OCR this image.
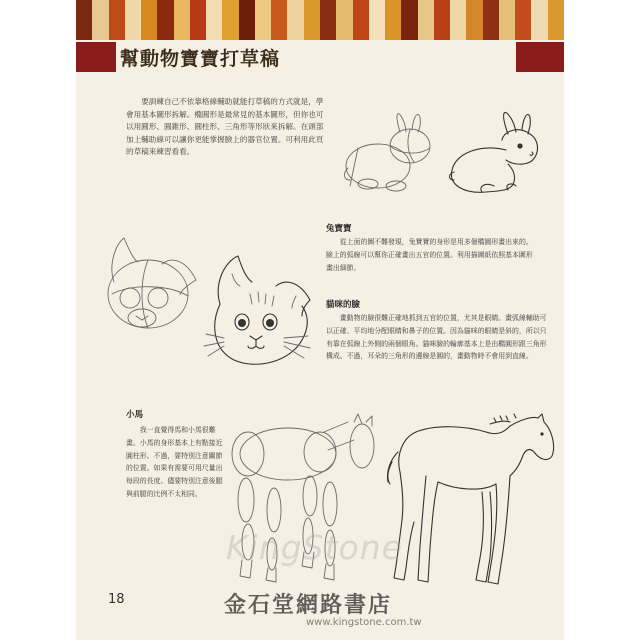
幫動物寶寶打草稿
要訓練自己不依靠格線輔助就能打草稿的方式就是，學會用基本圖形拆解。橢圓形是最常見的基本圖形，但你也可以用圓形、圓錐形、圓柱形、三角形等形狀來拆解。在頭部加上輔助線可以讓你更能掌握臉上的器官位置。可利用此頁的草稿來練習看看。
兔寶寶
從上面的圖不難發現，兔寶寶的身形是用多個橢圓形畫出來的。臉上的弧線可以幫你正確畫出五官的位置。利用描圖紙依照基本圖形畫出細節。
貓咪的臉
畫動物的臉很難正確地抓到五官的位置，尤其是眼睛。畫弧線輔助可以正確、平均地分配眼睛和鼻子的位置。因為貓咪的眼睛是斜的，所以只有靠在弧線上外側的兩個眼角。貓咪臉的輪廓基本上是由橢圓形跟三角形構成。不過，耳朵的三角形的邊線是圓的，畫動物時不會用到直線。
小馬
我一直覺得馬和小馬很難畫。小馬的身形基本上有點接近圓柱形。不過，要特別注意關節的位置。如果有需要可用尺量出每段的長度。儘要特別注意後腿與前腿的比例不太相同。
18
KingStone
金石堂網路書店
www.kingstone.com.tw
